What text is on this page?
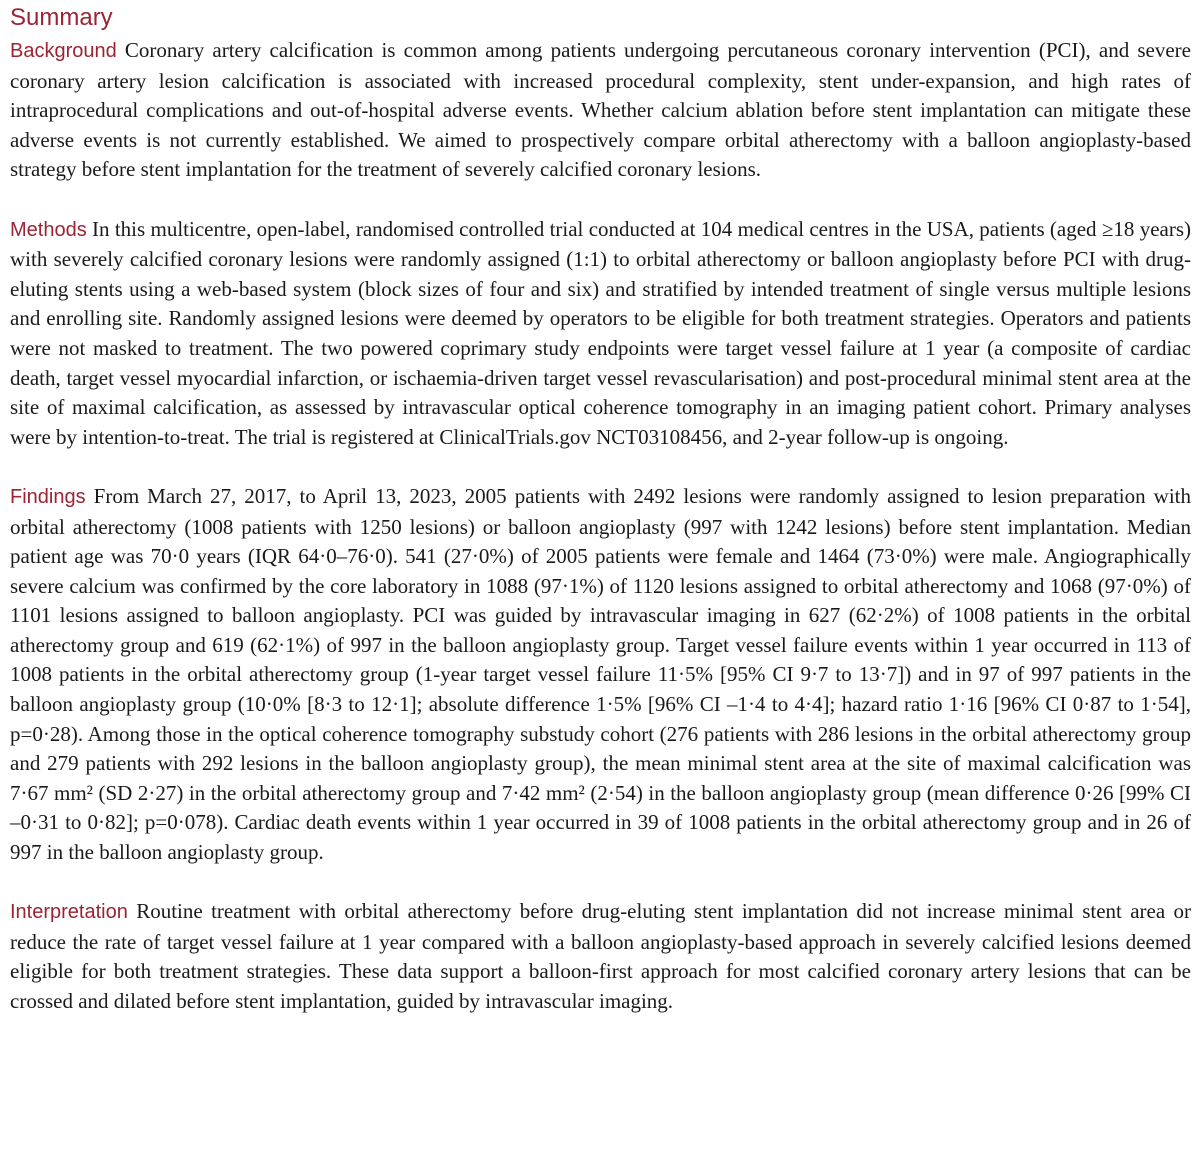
Summary

Background Coronary artery calcification is common among patients undergoing percutaneous coronary intervention (PCI), and severe coronary artery lesion calcification is associated with increased procedural complexity, stent under-expansion, and high rates of intraprocedural complications and out-of-hospital adverse events. Whether calcium ablation before stent implantation can mitigate these adverse events is not currently established. We aimed to prospectively compare orbital atherectomy with a balloon angioplasty-based strategy before stent implantation for the treatment of severely calcified coronary lesions.

Methods In this multicentre, open-label, randomised controlled trial conducted at 104 medical centres in the USA, patients (aged ≥18 years) with severely calcified coronary lesions were randomly assigned (1:1) to orbital atherectomy or balloon angioplasty before PCI with drug-eluting stents using a web-based system (block sizes of four and six) and stratified by intended treatment of single versus multiple lesions and enrolling site. Randomly assigned lesions were deemed by operators to be eligible for both treatment strategies. Operators and patients were not masked to treatment. The two powered coprimary study endpoints were target vessel failure at 1 year (a composite of cardiac death, target vessel myocardial infarction, or ischaemia-driven target vessel revascularisation) and post-procedural minimal stent area at the site of maximal calcification, as assessed by intravascular optical coherence tomography in an imaging patient cohort. Primary analyses were by intention-to-treat. The trial is registered at ClinicalTrials.gov NCT03108456, and 2-year follow-up is ongoing.

Findings From March 27, 2017, to April 13, 2023, 2005 patients with 2492 lesions were randomly assigned to lesion preparation with orbital atherectomy (1008 patients with 1250 lesions) or balloon angioplasty (997 with 1242 lesions) before stent implantation. Median patient age was 70·0 years (IQR 64·0–76·0). 541 (27·0%) of 2005 patients were female and 1464 (73·0%) were male. Angiographically severe calcium was confirmed by the core laboratory in 1088 (97·1%) of 1120 lesions assigned to orbital atherectomy and 1068 (97·0%) of 1101 lesions assigned to balloon angioplasty. PCI was guided by intravascular imaging in 627 (62·2%) of 1008 patients in the orbital atherectomy group and 619 (62·1%) of 997 in the balloon angioplasty group. Target vessel failure events within 1 year occurred in 113 of 1008 patients in the orbital atherectomy group (1-year target vessel failure 11·5% [95% CI 9·7 to 13·7]) and in 97 of 997 patients in the balloon angioplasty group (10·0% [8·3 to 12·1]; absolute difference 1·5% [96% CI –1·4 to 4·4]; hazard ratio 1·16 [96% CI 0·87 to 1·54], p=0·28). Among those in the optical coherence tomography substudy cohort (276 patients with 286 lesions in the orbital atherectomy group and 279 patients with 292 lesions in the balloon angioplasty group), the mean minimal stent area at the site of maximal calcification was 7·67 mm² (SD 2·27) in the orbital atherectomy group and 7·42 mm² (2·54) in the balloon angioplasty group (mean difference 0·26 [99% CI –0·31 to 0·82]; p=0·078). Cardiac death events within 1 year occurred in 39 of 1008 patients in the orbital atherectomy group and in 26 of 997 in the balloon angioplasty group.

Interpretation Routine treatment with orbital atherectomy before drug-eluting stent implantation did not increase minimal stent area or reduce the rate of target vessel failure at 1 year compared with a balloon angioplasty-based approach in severely calcified lesions deemed eligible for both treatment strategies. These data support a balloon-first approach for most calcified coronary artery lesions that can be crossed and dilated before stent implantation, guided by intravascular imaging.
